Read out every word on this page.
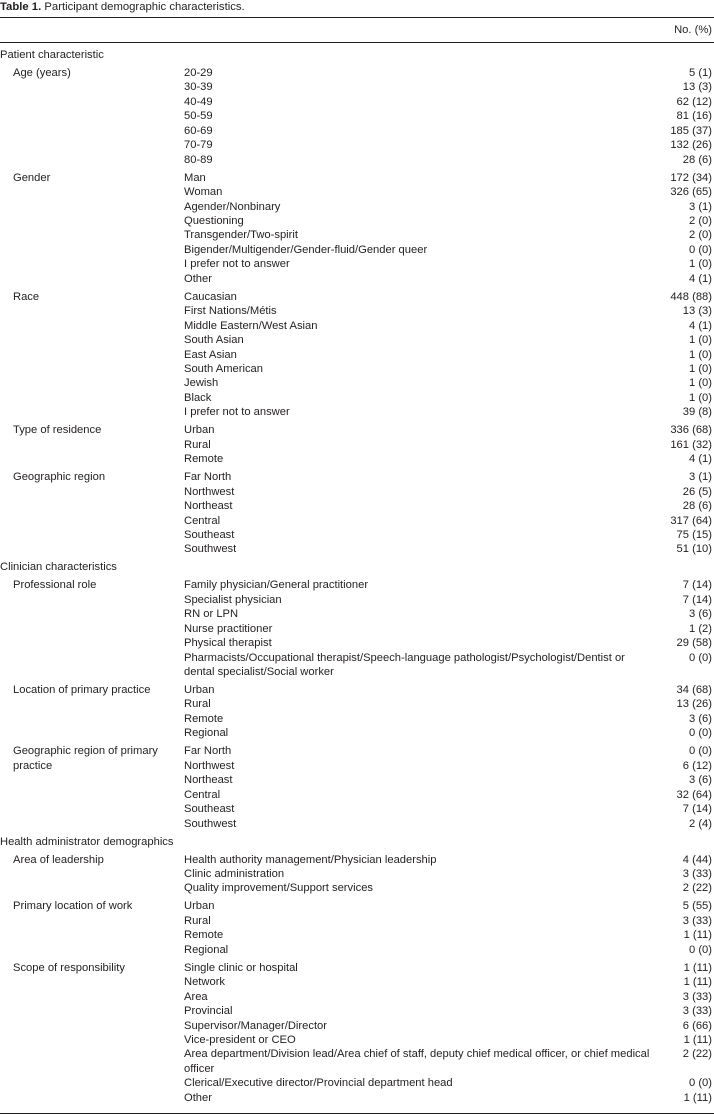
Table 1. Participant demographic characteristics.
No. (%)
Patient characteristic
Age (years)	20-29	5 (1)
30-39	13 (3)
40-49	62 (12)
50-59	81 (16)
60-69	185 (37)
70-79	132 (26)
80-89	28 (6)
Gender	Man	172 (34)
Woman	326 (65)
Agender/Nonbinary	3 (1)
Questioning	2 (0)
Transgender/Two-spirit	2 (0)
Bigender/Multigender/Gender-fluid/Gender queer	0 (0)
I prefer not to answer	1 (0)
Other	4 (1)
Race	Caucasian	448 (88)
First Nations/Métis	13 (3)
Middle Eastern/West Asian	4 (1)
South Asian	1 (0)
East Asian	1 (0)
South American	1 (0)
Jewish	1 (0)
Black	1 (0)
I prefer not to answer	39 (8)
Type of residence	Urban	336 (68)
Rural	161 (32)
Remote	4 (1)
Geographic region	Far North	3 (1)
Northwest	26 (5)
Northeast	28 (6)
Central	317 (64)
Southeast	75 (15)
Southwest	51 (10)
Clinician characteristics
Professional role	Family physician/General practitioner	7 (14)
Specialist physician	7 (14)
RN or LPN	3 (6)
Nurse practitioner	1 (2)
Physical therapist	29 (58)
Pharmacists/Occupational therapist/Speech-language pathologist/Psychologist/Dentist or dental specialist/Social worker
0 (0)
Location of primary practice	Urban	34 (68)
Rural	13 (26)
Remote	3 (6)
Regional	0 (0)
Geographic region of primary practice
Far North	0 (0)
Northwest	6 (12)
Northeast	3 (6)
Central	32 (64)
Southeast	7 (14)
Southwest	2 (4)
Health administrator demographics
Area of leadership	Health authority management/Physician leadership	4 (44)
Clinic administration	3 (33)
Quality improvement/Support services	2 (22)
Primary location of work	Urban	5 (55)
Rural	3 (33)
Remote	1 (11)
Regional	0 (0)
Scope of responsibility	Single clinic or hospital	1 (11)
Network	1 (11)
Area	3 (33)
Provincial	3 (33)
Supervisor/Manager/Director	6 (66)
Vice-president or CEO	1 (11)
Area department/Division lead/Area chief of staff, deputy chief medical officer, or chief medical officer
2 (22)
Clerical/Executive director/Provincial department head	0 (0)
Other	1 (11)
